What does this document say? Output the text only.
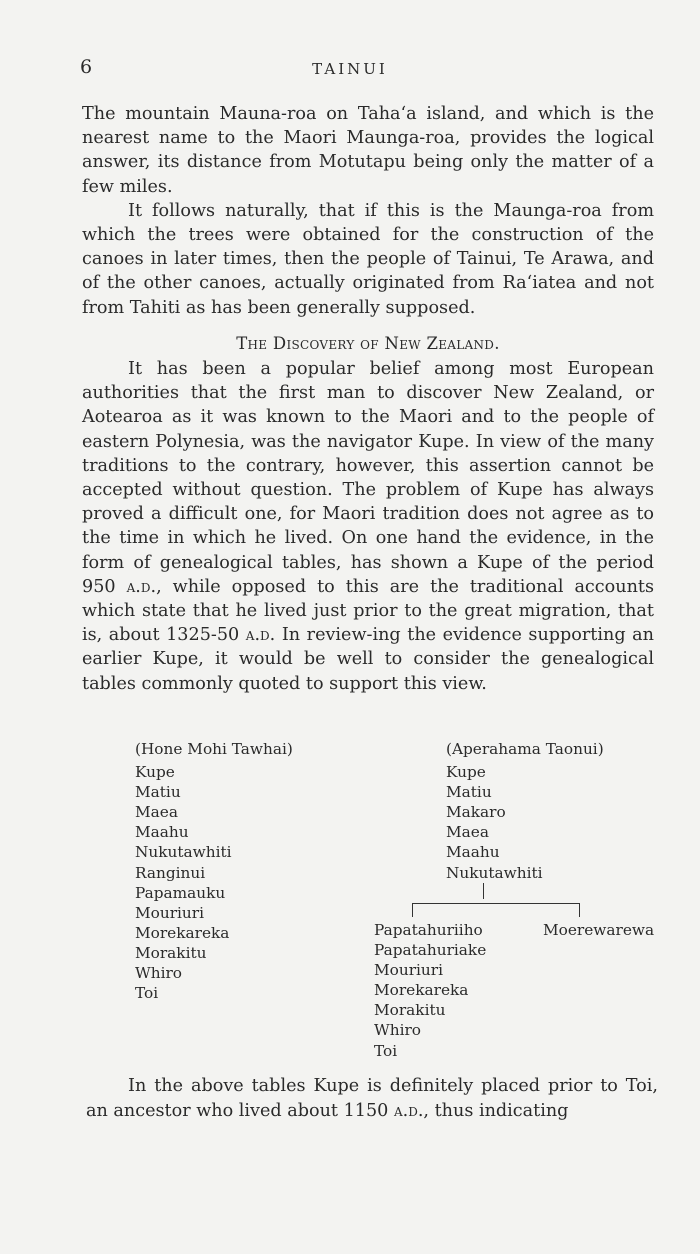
6	TAINUI

The mountain Mauna-roa on Taha‘a island, and which is the nearest name to the Maori Maunga-roa, provides the logical answer, its distance from Motutapu being only the matter of a few miles.

It follows naturally, that if this is the Maunga-roa from which the trees were obtained for the construction of the canoes in later times, then the people of Tainui, Te Arawa, and of the other canoes, actually originated from Ra‘iatea and not from Tahiti as has been generally supposed.

The Discovery of New Zealand.

It has been a popular belief among most European authorities that the first man to discover New Zealand, or Aotearoa as it was known to the Maori and to the people of eastern Polynesia, was the navigator Kupe. In view of the many traditions to the contrary, however, this assertion cannot be accepted without question. The problem of Kupe has always proved a difficult one, for Maori tradition does not agree as to the time in which he lived. On one hand the evidence, in the form of genealogical tables, has shown a Kupe of the period 950 a.d., while opposed to this are the traditional accounts which state that he lived just prior to the great migration, that is, about 1325-50 a.d. In review-ing the evidence supporting an earlier Kupe, it would be well to consider the genealogical tables commonly quoted to support this view.

(Hone Mohi Tawhai)
Kupe
Matiu
Maea
Maahu
Nukutawhiti
Ranginui
Papamauku
Mouriuri
Morekareka
Morakitu
Whiro
Toi
(Aperahama Taonui)
Kupe
Matiu
Makaro
Maea
Maahu
Nukutawhiti
Papatahuriiho
Papatahuriake
Mouriuri
Morekareka
Morakitu
Whiro
Toi
Moerewarewa

In the above tables Kupe is definitely placed prior to Toi, an ancestor who lived about 1150 a.d., thus indicating
